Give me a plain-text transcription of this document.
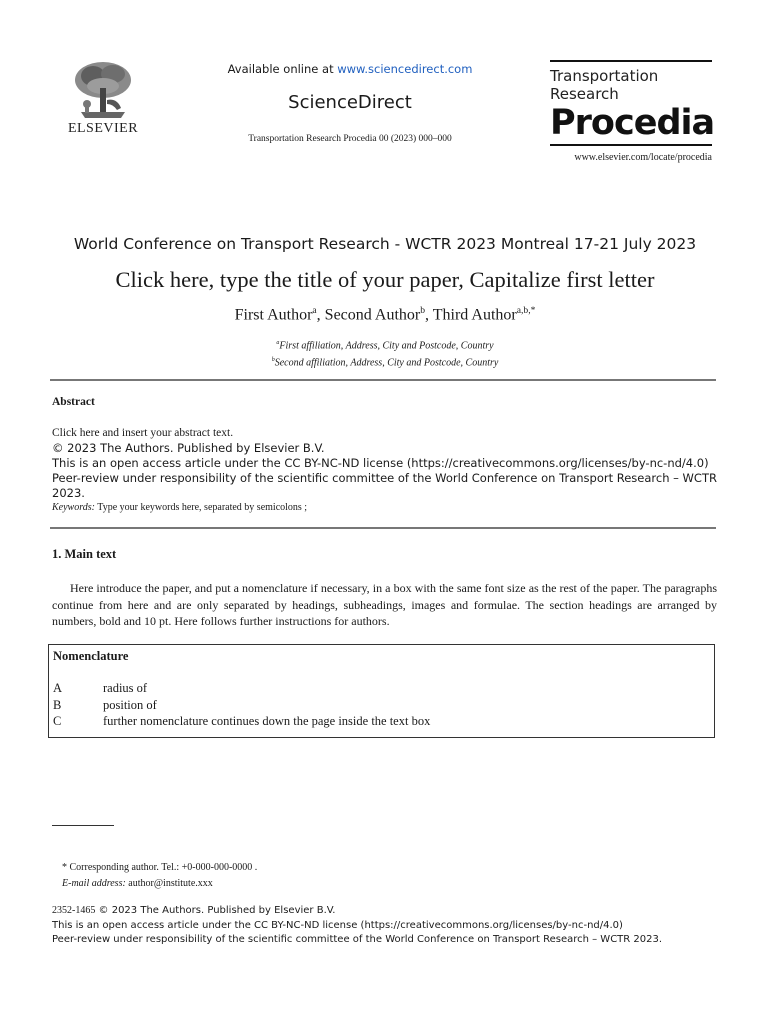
ELSEVIER
Available online at www.sciencedirect.com
ScienceDirect
Transportation Research Procedia 00 (2023) 000–000
Transportation
Research
Procedia
www.elsevier.com/locate/procedia
World Conference on Transport Research - WCTR 2023 Montreal 17-21 July 2023
Click here, type the title of your paper, Capitalize first letter
First Author$^a$, Second Author$^b$, Third Author$^{a,b,*}$
$^a$First affiliation, Address, City and Postcode, Country
$^b$Second affiliation, Address, City and Postcode, Country
Abstract
Click here and insert your abstract text.
© 2023 The Authors. Published by Elsevier B.V.
This is an open access article under the CC BY-NC-ND license (https://creativecommons.org/licenses/by-nc-nd/4.0)
Peer-review under responsibility of the scientific committee of the World Conference on Transport Research – WCTR 2023.
Keywords: Type your keywords here, separated by semicolons ;
1. Main text
Here introduce the paper, and put a nomenclature if necessary, in a box with the same font size as the rest of the paper. The paragraphs continue from here and are only separated by headings, subheadings, images and formulae. The section headings are arranged by numbers, bold and 10 pt. Here follows further instructions for authors.
Nomenclature
A	radius of
B	position of
C	further nomenclature continues down the page inside the text box
* Corresponding author. Tel.: +0-000-000-0000 .
E-mail address: author@institute.xxx
2352-1465 © 2023 The Authors. Published by Elsevier B.V.
This is an open access article under the CC BY-NC-ND license (https://creativecommons.org/licenses/by-nc-nd/4.0)
Peer-review under responsibility of the scientific committee of the World Conference on Transport Research – WCTR 2023.
